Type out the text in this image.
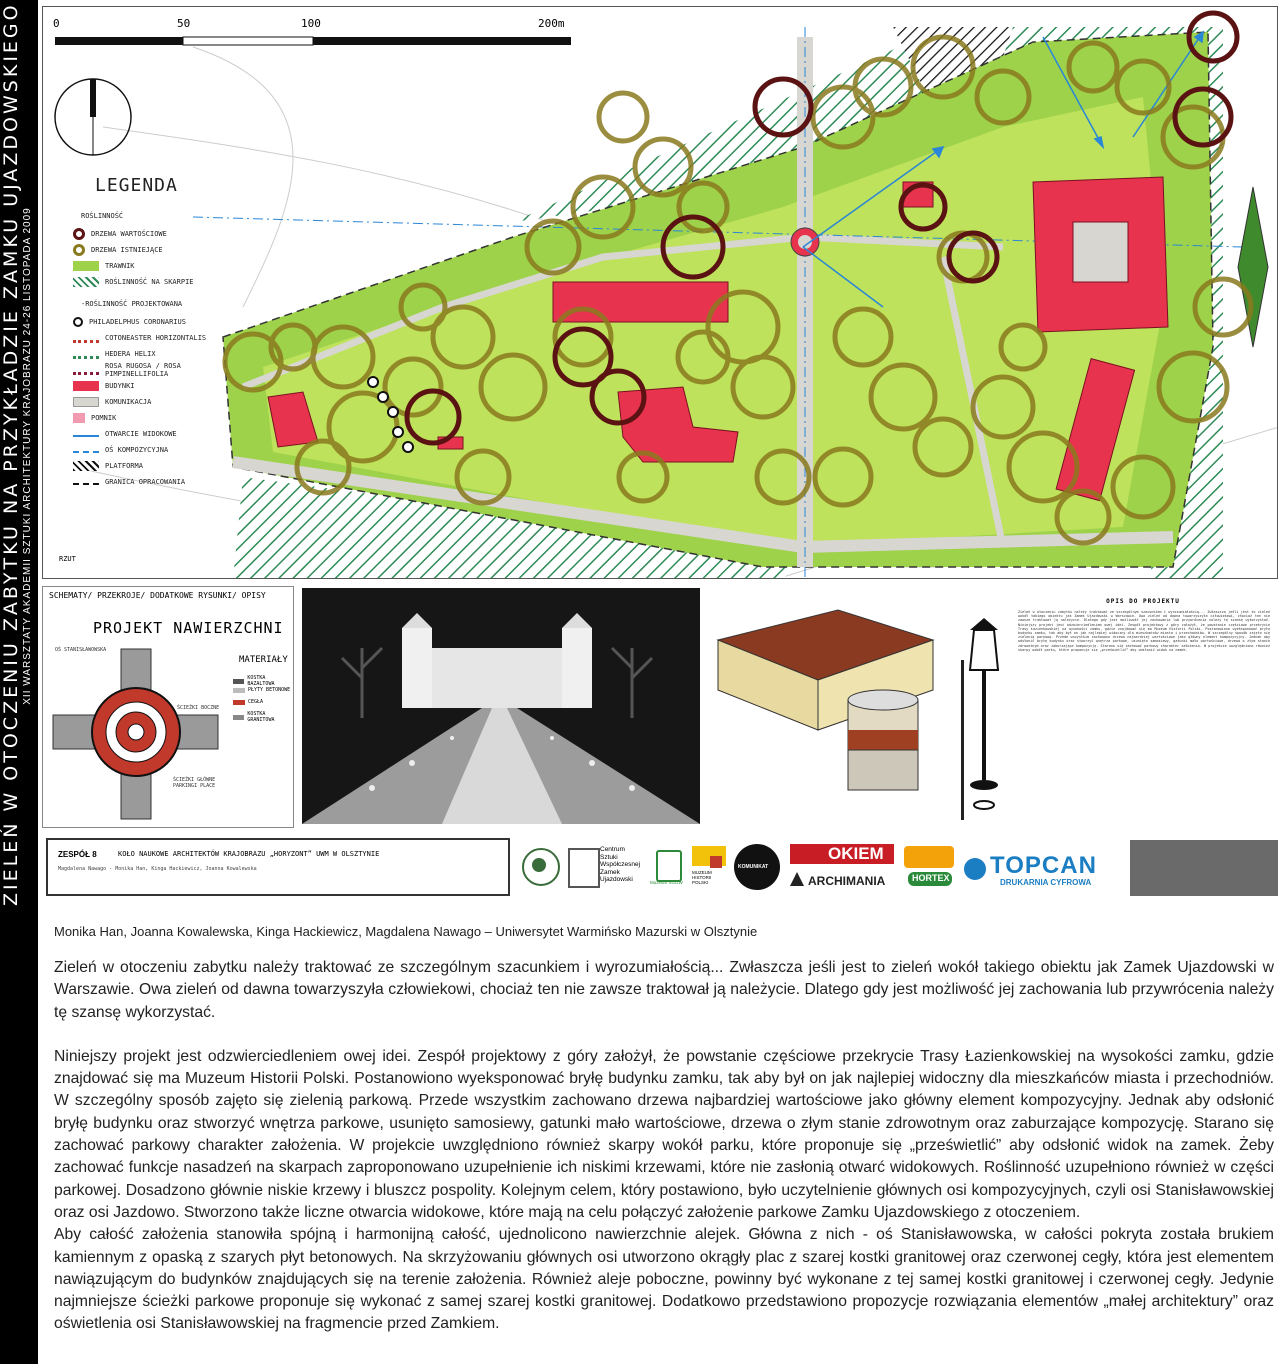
ZIELEŃ W OTOCZENIU ZABYTKU NA PRZYKŁADZIE ZAMKU UJAZDOWSKIEGO XII WARSZTATY AKADEMII SZTUKI ARCHITEKTURY KRAJOBRAZU 24-26 LISTOPADA 2009
0	50	100	200m
LEGENDA
ROŚLINNOŚĆ
DRZEWA WARTOŚCIOWE
DRZEWA ISTNIEJĄCE
TRAWNIK
ROŚLINNOŚĆ NA SKARPIE
-ROŚLINNOŚĆ PROJEKTOWANA
PHILADELPHUS CORONARIUS
COTONEASTER HORIZONTALIS
HEDERA HELIX
ROSA RUGOSA / ROSA PIMPINELLIFOLIA
BUDYNKI
KOMUNIKACJA
POMNIK
OTWARCIE WIDOKOWE
OŚ KOMPOZYCYJNA
PLATFORMA
GRANICA OPRACOWANIA
RZUT
SCHEMATY/ PRZEKROJE/ DODATKOWE RYSUNKI/ OPISY
PROJEKT NAWIERZCHNI
MATERIAŁY
KOSTKA BAZALTOWA
PŁYTY BETONOWE
CEGŁA
KOSTKA GRANITOWA
OŚ STANISŁAWOWSKA
ŚCIEŻKI BOCZNE
ŚCIEŻKI GŁÓWNE PARKINGI PLACE
OPIS DO PROJEKTU
Zieleń w otoczeniu zabytku należy traktować ze szczególnym szacunkiem i wyrozumiałością... Zwłaszcza jeśli jest to zieleń wokół takiego obiektu jak Zamek Ujazdowski w Warszawie. Owa zieleń od dawna towarzyszyła człowiekowi, chociaż ten nie zawsze traktował ją należycie. Dlatego gdy jest możliwość jej zachowania lub przywrócenia należy tę szansę wykorzystać. Niniejszy projekt jest odzwierciedleniem owej idei. Zespół projektowy z góry założył, że powstanie częściowe przekrycie Trasy Łazienkowskiej na wysokości zamku, gdzie znajdować się ma Muzeum Historii Polski. Postanowiono wyeksponować bryłę budynku zamku, tak aby był on jak najlepiej widoczny dla mieszkańców miasta i przechodniów. W szczególny sposób zajęto się zielenią parkową. Przede wszystkim zachowano drzewa najbardziej wartościowe jako główny element kompozycyjny. Jednak aby odsłonić bryłę budynku oraz stworzyć wnętrza parkowe, usunięto samosiewy, gatunki mało wartościowe, drzewa o złym stanie zdrowotnym oraz zaburzające kompozycję. Starano się zachować parkowy charakter założenia. W projekcie uwzględniono również skarpy wokół parku, które proponuje się „prześwietlić” aby odsłonić widok na zamek.
ZESPÓŁ 8	KOŁO NAUKOWE ARCHITEKTÓW KRAJOBRAZU „HORYZONT” UWM W OLSZTYNIE
Magdalena Nawago - Monika Han, Kinga Hackiewicz, Joanna Kowalewska
Centrum
Sztuki
Współczesnej
Zamek
Ujazdowski	Muzeum SGGW
MUZEUM
HISTORII
POLSKI
KOMUNIKAT
OKIEM
ARCHIMANIA	HORTEX TOPCAN
DRUKARNIA CYFROWA
Monika Han, Joanna Kowalewska, Kinga Hackiewicz, Magdalena Nawago – Uniwersytet Warmińsko Mazurski w Olsztynie

Zieleń w otoczeniu zabytku należy traktować ze szczególnym szacunkiem i wyrozumiałością... Zwłaszcza jeśli jest to zieleń wokół takiego obiektu jak Zamek Ujazdowski w Warszawie. Owa zieleń od dawna towarzyszyła człowiekowi, chociaż ten nie zawsze traktował ją należycie. Dlatego gdy jest możliwość jej zachowania lub przywrócenia należy tę szansę wykorzystać.

Niniejszy projekt jest odzwierciedleniem owej idei. Zespół projektowy z góry założył, że powstanie częściowe przekrycie Trasy Łazienkowskiej na wysokości zamku, gdzie znajdować się ma Muzeum Historii Polski. Postanowiono wyeksponować bryłę budynku zamku, tak aby był on jak najlepiej widoczny dla mieszkańców miasta i przechodniów. W szczególny sposób zajęto się zielenią parkową. Przede wszystkim zachowano drzewa najbardziej wartościowe jako główny element kompozycyjny. Jednak aby odsłonić bryłę budynku oraz stworzyć wnętrza parkowe, usunięto samosiewy, gatunki mało wartościowe, drzewa o złym stanie zdrowotnym oraz zaburzające kompozycję. Starano się zachować parkowy charakter założenia. W projekcie uwzględniono również skarpy wokół parku, które proponuje się „prześwietlić” aby odsłonić widok na zamek. Żeby zachować funkcje nasadzeń na skarpach zaproponowano uzupełnienie ich niskimi krzewami, które nie zasłonią otwarć widokowych. Roślinność uzupełniono również w części parkowej. Dosadzono głównie niskie krzewy i bluszcz pospolity. Kolejnym celem, który postawiono, było uczytelnienie głównych osi kompozycyjnych, czyli osi Stanisławowskiej oraz osi Jazdowo. Stworzono także liczne otwarcia widokowe, które mają na celu połączyć założenie parkowe Zamku Ujazdowskiego z otoczeniem.

Aby całość założenia stanowiła spójną i harmonijną całość, ujednolicono nawierzchnie alejek. Główna z nich - oś Stanisławowska, w całości pokryta została brukiem kamiennym z opaską z szarych płyt betonowych. Na skrzyżowaniu głównych osi utworzono okrągły plac z szarej kostki granitowej oraz czerwonej cegły, która jest elementem nawiązującym do budynków znajdujących się na terenie założenia. Również aleje poboczne, powinny być wykonane z tej samej kostki granitowej i czerwonej cegły. Jedynie najmniejsze ścieżki parkowe proponuje się wykonać z samej szarej kostki granitowej. Dodatkowo przedstawiono propozycje rozwiązania elementów „małej architektury” oraz oświetlenia osi Stanisławowskiej na fragmencie przed Zamkiem.
